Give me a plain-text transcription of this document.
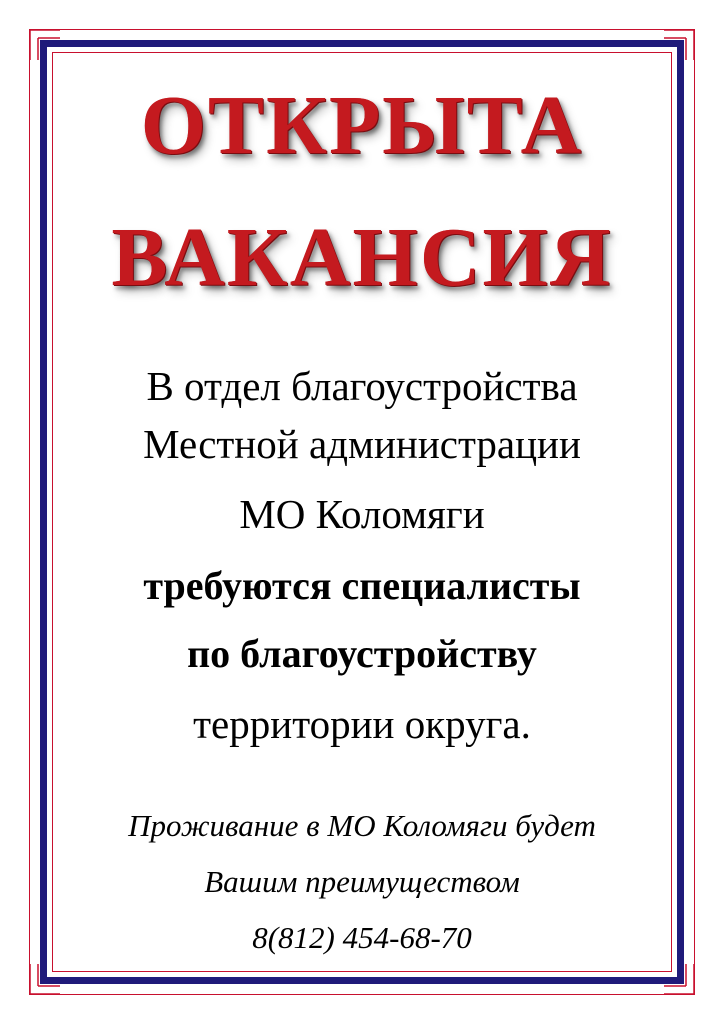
ОТКРЫТА
ВАКАНСИЯ
В отдел благоустройства
Местной администрации
МО Коломяги
требуются специалисты
по благоустройству
территории округа.
Проживание в МО Коломяги будет
Вашим преимуществом
8(812) 454-68-70
